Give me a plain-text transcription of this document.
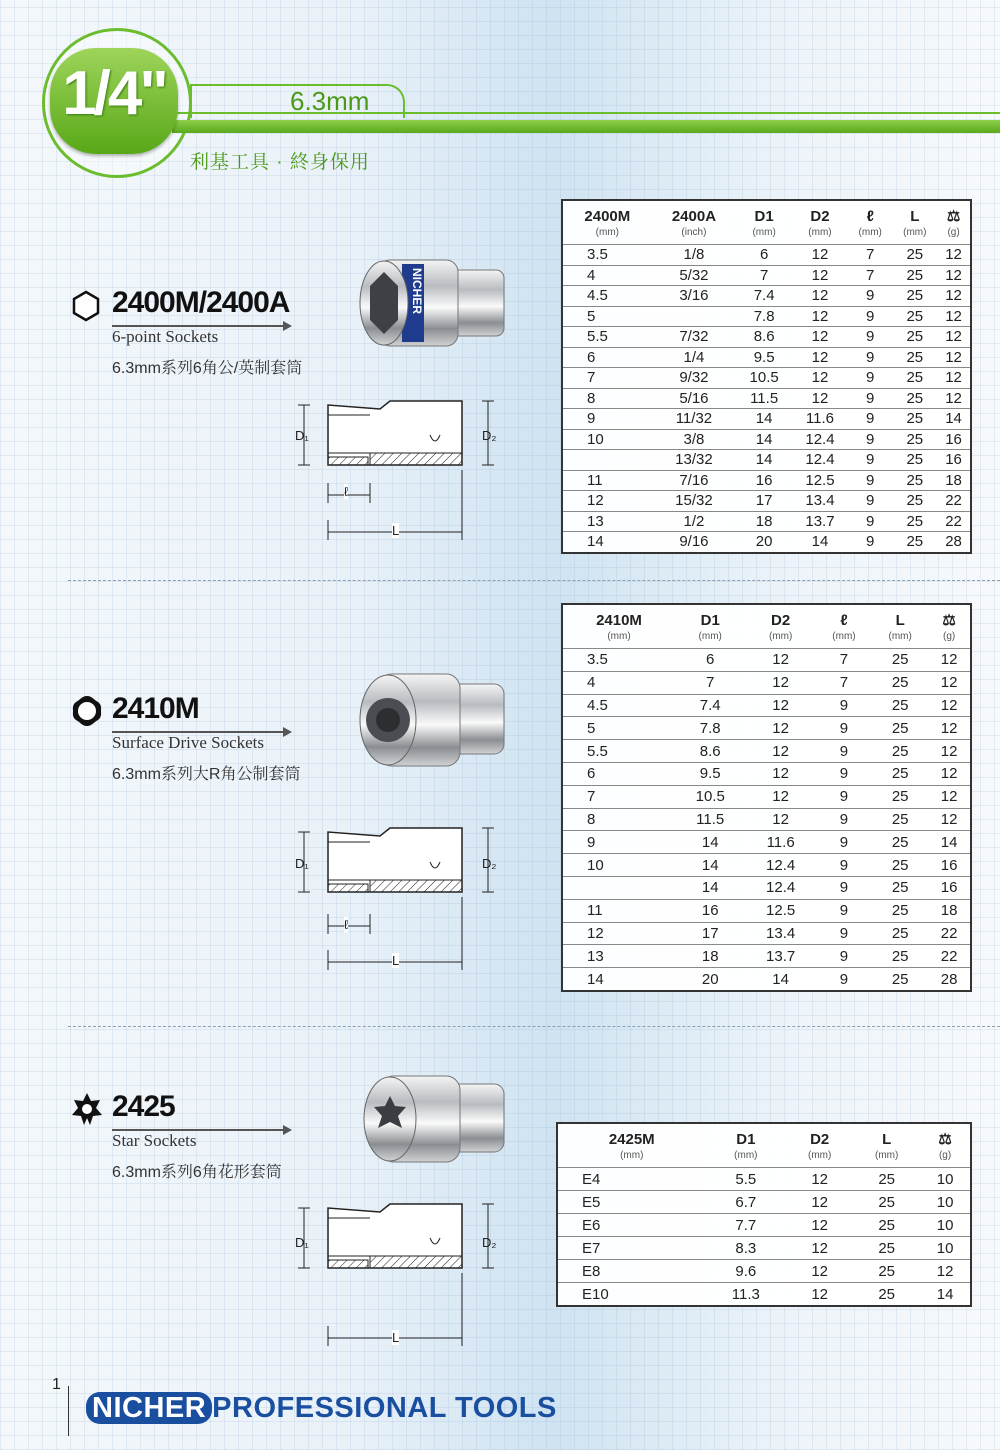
1/4"	6.3mm
利基工具 · 終身保用
2400M/2400A
6-point Sockets
6.3mm系列6角公/英制套筒
NICHER
D₁	D₂
ℓ
L
2400M	2400A	D1	D2	ℓ	L	⚖
(mm)	(inch)	(mm)	(mm)	(mm)	(mm)	(g)
3.5	1/8	6	12	7	25	12
4	5/32	7	12	7	25	12
4.5	3/16	7.4	12	9	25	12
5		7.8	12	9	25	12
5.5	7/32	8.6	12	9	25	12
6	1/4	9.5	12	9	25	12
7	9/32	10.5	12	9	25	12
8	5/16	11.5	12	9	25	12
9	11/32	14	11.6	9	25	14
10	3/8	14	12.4	9	25	16
	13/32	14	12.4	9	25	16
11	7/16	16	12.5	9	25	18
12	15/32	17	13.4	9	25	22
13	1/2	18	13.7	9	25	22
14	9/16	20	14	9	25	28
2410M
Surface Drive Sockets
6.3mm系列大R角公制套筒
D₁	D₂
ℓ
L
2410M	D1	D2	ℓ	L	⚖
(mm)	(mm)	(mm)	(mm)	(mm)	(g)
3.5	6	12	7	25	12
4	7	12	7	25	12
4.5	7.4	12	9	25	12
5	7.8	12	9	25	12
5.5	8.6	12	9	25	12
6	9.5	12	9	25	12
7	10.5	12	9	25	12
8	11.5	12	9	25	12
9	14	11.6	9	25	14
10	14	12.4	9	25	16
	14	12.4	9	25	16
11	16	12.5	9	25	18
12	17	13.4	9	25	22
13	18	13.7	9	25	22
14	20	14	9	25	28
2425
Star Sockets
6.3mm系列6角花形套筒
D₁	D₂
L
2425M	D1	D2	L	⚖
(mm)	(mm)	(mm)	(mm)	(g)
E4	5.5	12	25	10
E5	6.7	12	25	10
E6	7.7	12	25	10
E7	8.3	12	25	10
E8	9.6	12	25	12
E10	11.3	12	25	14
1
NICHER PROFESSIONAL TOOLS
